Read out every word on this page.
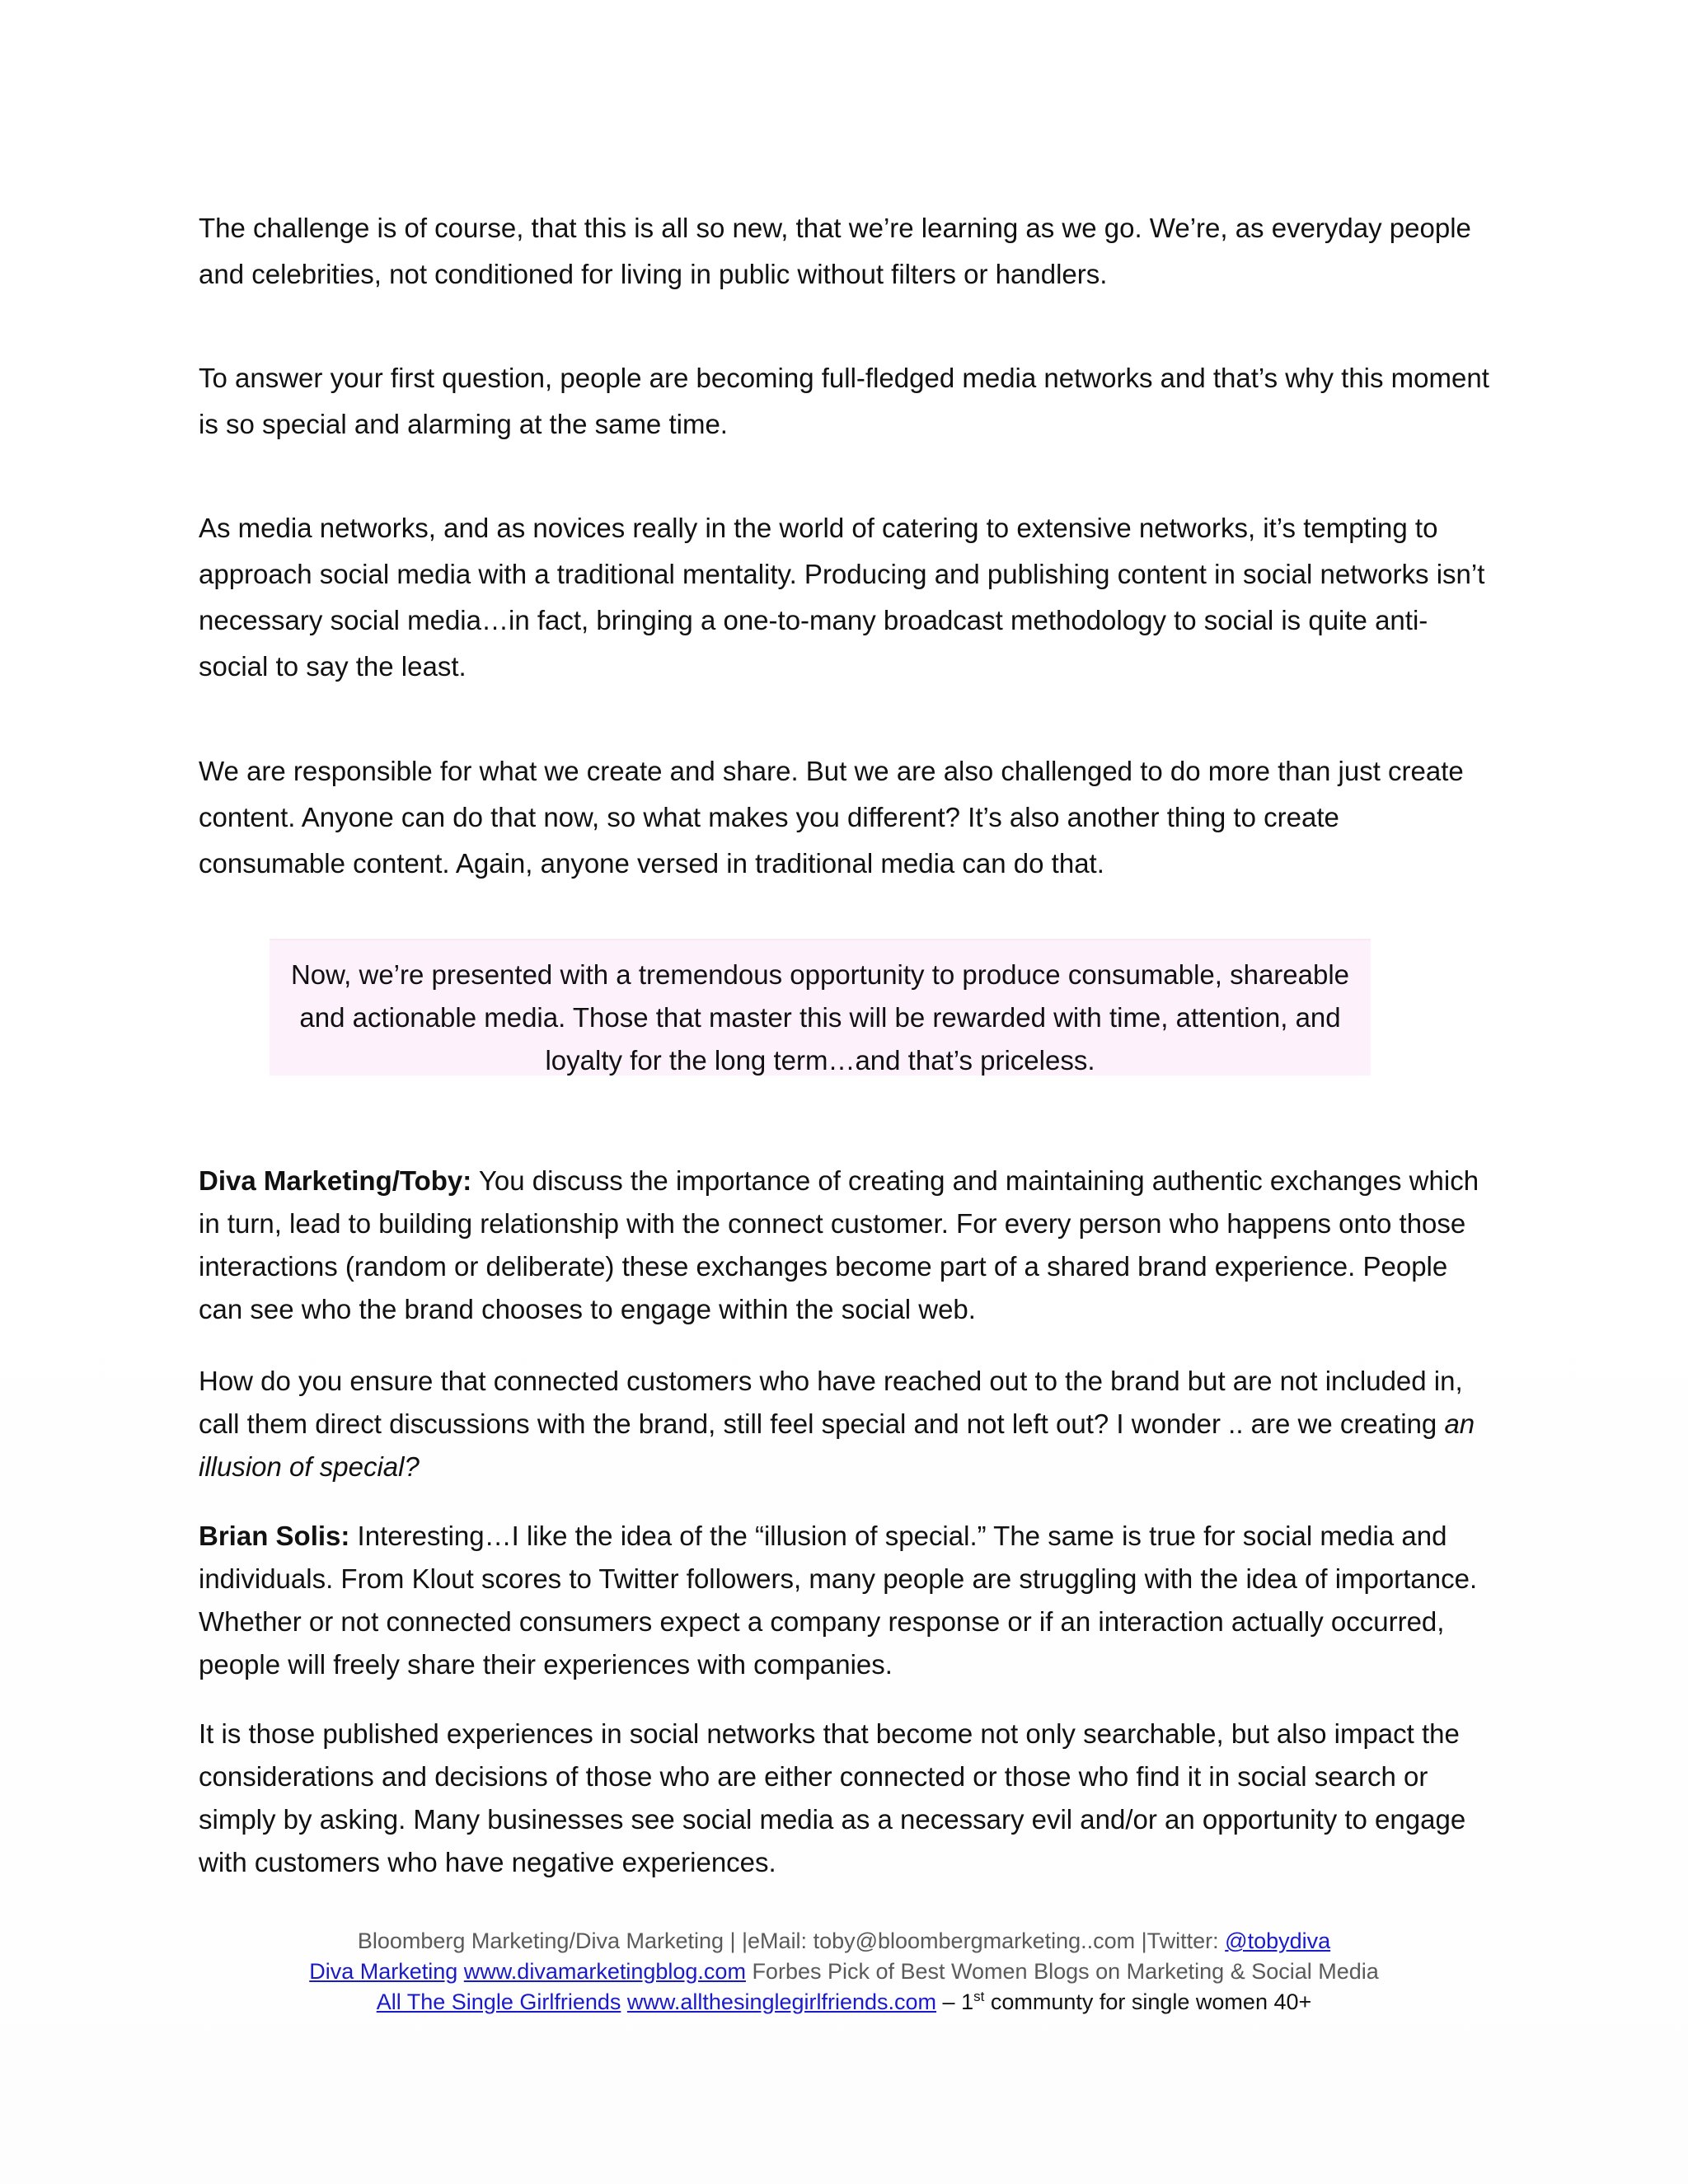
The challenge is of course, that this is all so new, that we’re learning as we go. We’re, as everyday people and celebrities, not conditioned for living in public without filters or handlers.

To answer your first question, people are becoming full-fledged media networks and that’s why this moment is so special and alarming at the same time.

As media networks, and as novices really in the world of catering to extensive networks, it’s tempting to approach social media with a traditional mentality. Producing and publishing content in social networks isn’t necessary social media…in fact, bringing a one-to-many broadcast methodology to social is quite anti-social to say the least.

We are responsible for what we create and share. But we are also challenged to do more than just create content. Anyone can do that now, so what makes you different? It’s also another thing to create consumable content. Again, anyone versed in traditional media can do that.

Now, we’re presented with a tremendous opportunity to produce consumable, shareable and actionable media. Those that master this will be rewarded with time, attention, and loyalty for the long term…and that’s priceless.

Diva Marketing/Toby: You discuss the importance of creating and maintaining authentic exchanges which in turn, lead to building relationship with the connect customer. For every person who happens onto those interactions (random or deliberate) these exchanges become part of a shared brand experience. People can see who the brand chooses to engage within the social web.

How do you ensure that connected customers who have reached out to the brand but are not included in, call them direct discussions with the brand, still feel special and not left out? I wonder .. are we creating an illusion of special?

Brian Solis: Interesting…I like the idea of the “illusion of special.” The same is true for social media and individuals. From Klout scores to Twitter followers, many people are struggling with the idea of importance. Whether or not connected consumers expect a company response or if an interaction actually occurred, people will freely share their experiences with companies.

It is those published experiences in social networks that become not only searchable, but also impact the considerations and decisions of those who are either connected or those who find it in social search or simply by asking. Many businesses see social media as a necessary evil and/or an opportunity to engage with customers who have negative experiences.

Bloomberg Marketing/Diva Marketing | |eMail: toby@bloombergmarketing..com |Twitter: @tobydiva
Diva Marketing www.divamarketingblog.com Forbes Pick of Best Women Blogs on Marketing & Social Media
All The Single Girlfriends www.allthesinglegirlfriends.com – 1st communty for single women 40+
